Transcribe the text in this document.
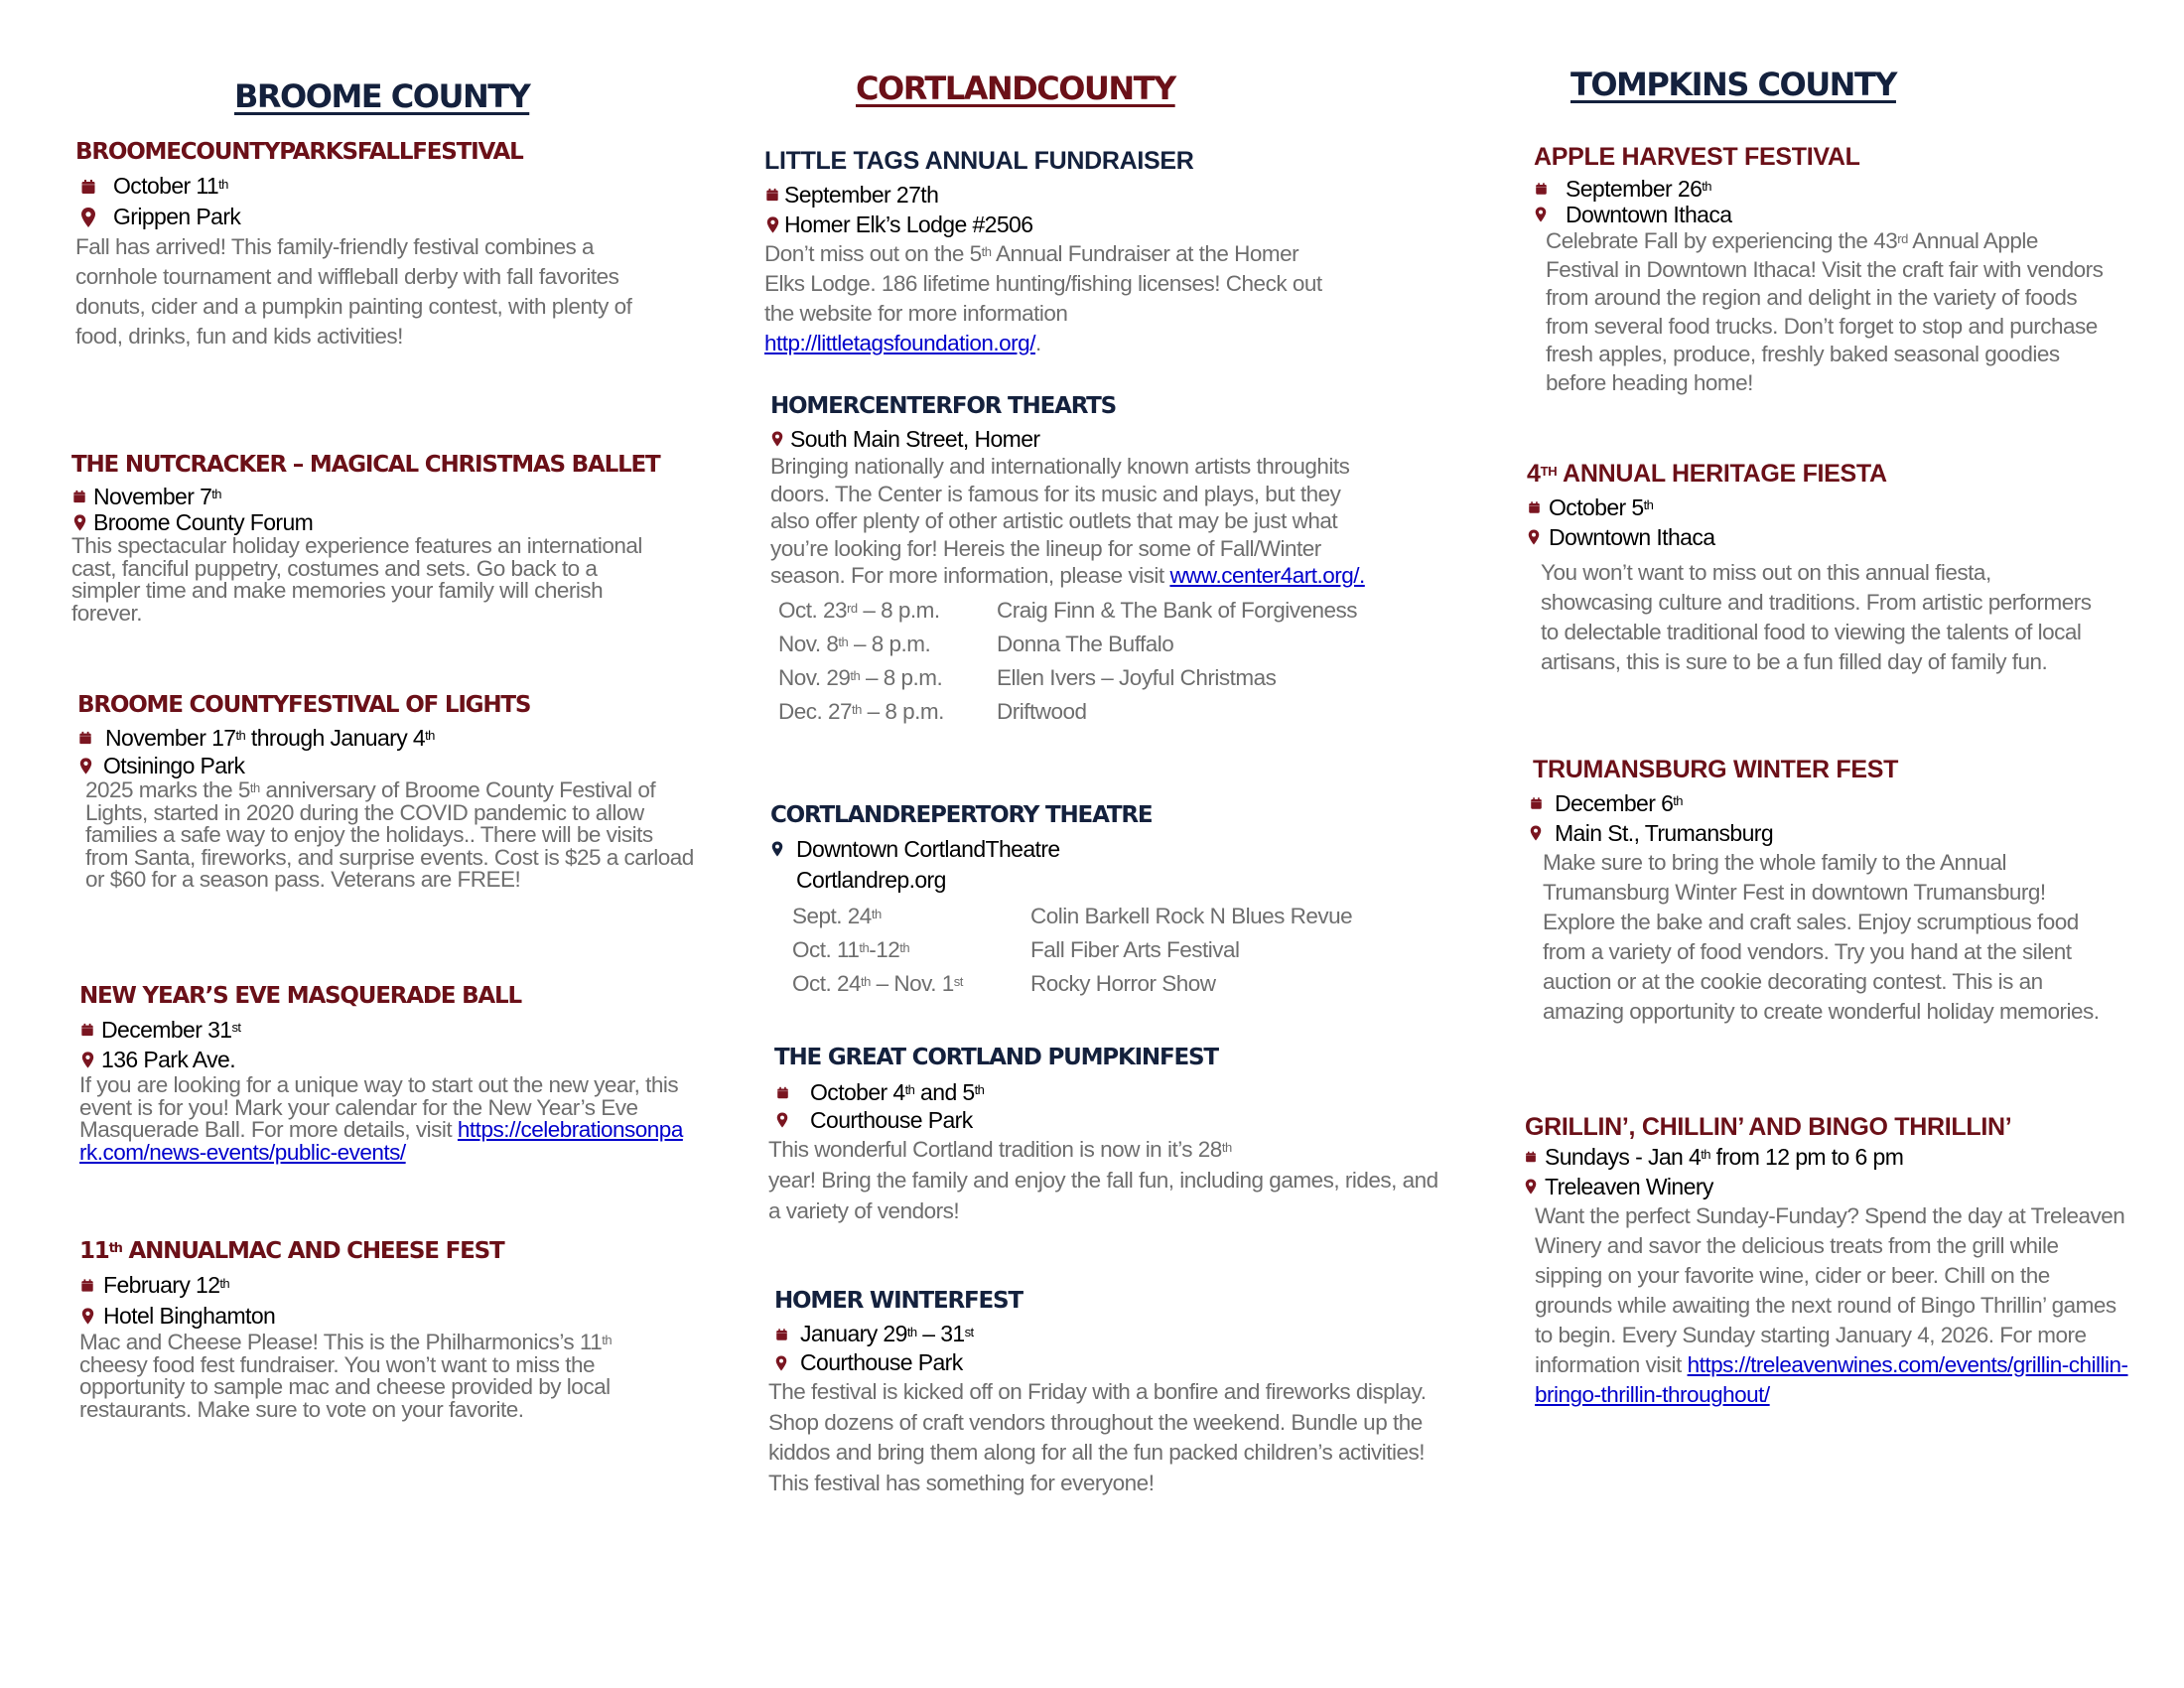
BROOME COUNTY
BROOMECOUNTYPARKSFALLFESTIVAL
October 11th
Grippen Park

Fall has arrived! This family-friendly festival combines a cornhole tournament and wiffleball derby with fall favorites donuts, cider and a pumpkin painting contest, with plenty of food, drinks, fun and kids activities!

THE NUTCRACKER – MAGICAL CHRISTMAS BALLET
November 7th
Broome County Forum

This spectacular holiday experience features an international cast, fanciful puppetry, costumes and sets. Go back to a simpler time and make memories your family will cherish forever.

BROOME COUNTYFESTIVAL OF LIGHTS
November 17th through January 4th
Otsiningo Park

2025 marks the 5th anniversary of Broome County Festival of Lights, started in 2020 during the COVID pandemic to allow families a safe way to enjoy the holidays.. There will be visits from Santa, fireworks, and surprise events. Cost is $25 a carload or $60 for a season pass. Veterans are FREE!

NEW YEAR’S EVE MASQUERADE BALL
December 31st
136 Park Ave.

If you are looking for a unique way to start out the new year, this event is for you! Mark your calendar for the New Year’s Eve Masquerade Ball. For more details, visit https://celebrationsonpark.com/news-events/public-events/

11th ANNUALMAC AND CHEESE FEST
February 12th
Hotel Binghamton

Mac and Cheese Please! This is the Philharmonics’s 11th cheesy food fest fundraiser. You won’t want to miss the opportunity to sample mac and cheese provided by local restaurants. Make sure to vote on your favorite.

CORTLANDCOUNTY
LITTLE TAGS ANNUAL FUNDRAISER
September 27th
Homer Elk’s Lodge #2506

Don’t miss out on the 5th Annual Fundraiser at the Homer Elks Lodge. 186 lifetime hunting/fishing licenses! Check out the website for more information http://littletagsfoundation.org/.

HOMERCENTERFOR THEARTS
South Main Street, Homer

Bringing nationally and internationally known artists throughits doors. The Center is famous for its music and plays, but they also offer plenty of other artistic outlets that may be just what you’re looking for! Hereis the lineup for some of Fall/Winter season. For more information, please visit www.center4art.org/.

Oct. 23rd – 8 p.m.	Craig Finn & The Bank of Forgiveness
Nov. 8th – 8 p.m.	Donna The Buffalo
Nov. 29th – 8 p.m.	Ellen Ivers – Joyful Christmas
Dec. 27th – 8 p.m.	Driftwood
CORTLANDREPERTORY THEATRE
Downtown CortlandTheatre
Cortlandrep.org
Sept. 24th	Colin Barkell Rock N Blues Revue
Oct. 11th-12th	Fall Fiber Arts Festival
Oct. 24th – Nov. 1st	Rocky Horror Show
THE GREAT CORTLAND PUMPKINFEST
October 4th and 5th
Courthouse Park

This wonderful Cortland tradition is now in it’s 28th
year! Bring the family and enjoy the fall fun, including games, rides, and a variety of vendors!

HOMER WINTERFEST
January 29th – 31st
Courthouse Park

The festival is kicked off on Friday with a bonfire and fireworks display. Shop dozens of craft vendors throughout the weekend. Bundle up the kiddos and bring them along for all the fun packed children’s activities! This festival has something for everyone!

TOMPKINS COUNTY
APPLE HARVEST FESTIVAL
September 26th
Downtown Ithaca

Celebrate Fall by experiencing the 43rd Annual Apple Festival in Downtown Ithaca! Visit the craft fair with vendors from around the region and delight in the variety of foods from several food trucks. Don’t forget to stop and purchase fresh apples, produce, freshly baked seasonal goodies before heading home!

4TH ANNUAL HERITAGE FIESTA
October 5th
Downtown Ithaca

You won’t want to miss out on this annual fiesta, showcasing culture and traditions. From artistic performers to delectable traditional food to viewing the talents of local artisans, this is sure to be a fun filled day of family fun.

TRUMANSBURG WINTER FEST
December 6th
Main St., Trumansburg

Make sure to bring the whole family to the Annual Trumansburg Winter Fest in downtown Trumansburg! Explore the bake and craft sales. Enjoy scrumptious food from a variety of food vendors. Try you hand at the silent auction or at the cookie decorating contest. This is an amazing opportunity to create wonderful holiday memories.

GRILLIN’, CHILLIN’ AND BINGO THRILLIN’
Sundays - Jan 4th from 12 pm to 6 pm
Treleaven Winery

Want the perfect Sunday-Funday? Spend the day at Treleaven Winery and savor the delicious treats from the grill while sipping on your favorite wine, cider or beer. Chill on the grounds while awaiting the next round of Bingo Thrillin’ games to begin. Every Sunday starting January 4, 2026. For more information visit https://treleavenwines.com/events/grillin-chillin-bringo-thrillin-throughout/
